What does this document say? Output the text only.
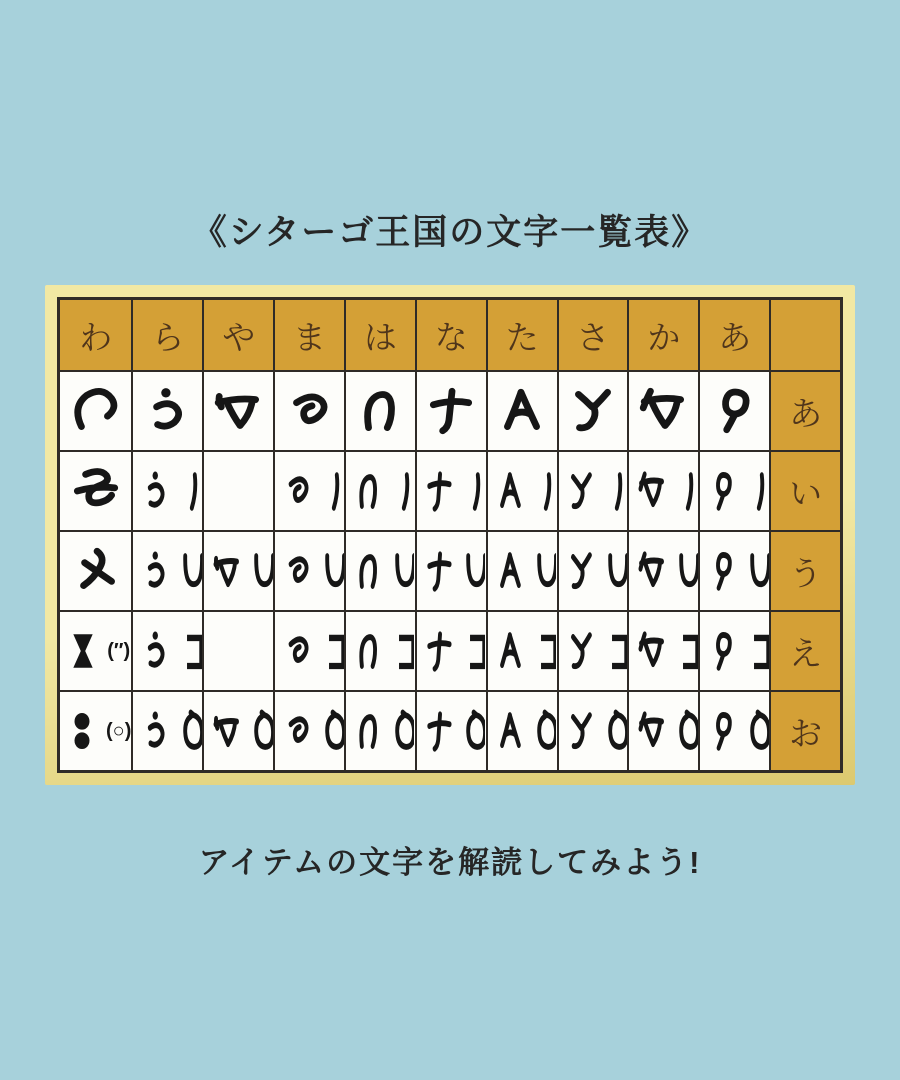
《シターゴ王国の文字一覧表》
わ ら や ま は な た さ か あ
あ
い
う
(″)	え
(○)	お
アイテムの文字を解読してみよう!
